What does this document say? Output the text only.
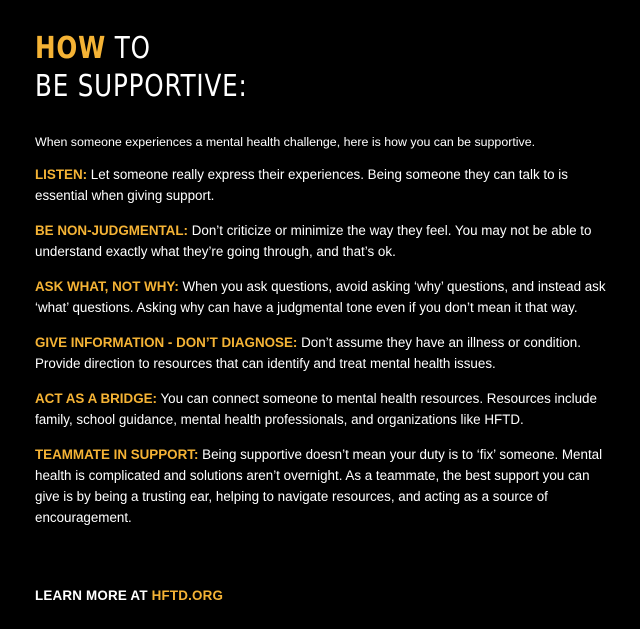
HOW TO
BE SUPPORTIVE:

When someone experiences a mental health challenge, here is how you can be supportive.

LISTEN: Let someone really express their experiences. Being someone they can talk to is essential when giving support.

BE NON-JUDGMENTAL: Don’t criticize or minimize the way they feel. You may not be able to understand exactly what they’re going through, and that’s ok.

ASK WHAT, NOT WHY: When you ask questions, avoid asking ‘why’ questions, and instead ask ‘what’ questions. Asking why can have a judgmental tone even if you don’t mean it that way.

GIVE INFORMATION - DON’T DIAGNOSE: Don’t assume they have an illness or condition. Provide direction to resources that can identify and treat mental health issues.

ACT AS A BRIDGE: You can connect someone to mental health resources. Resources include family, school guidance, mental health professionals, and organizations like HFTD.

TEAMMATE IN SUPPORT: Being supportive doesn’t mean your duty is to ‘fix’ someone. Mental health is complicated and solutions aren’t overnight. As a teammate, the best support you can give is by being a trusting ear, helping to navigate resources, and acting as a source of encouragement.

LEARN MORE AT HFTD.ORG
